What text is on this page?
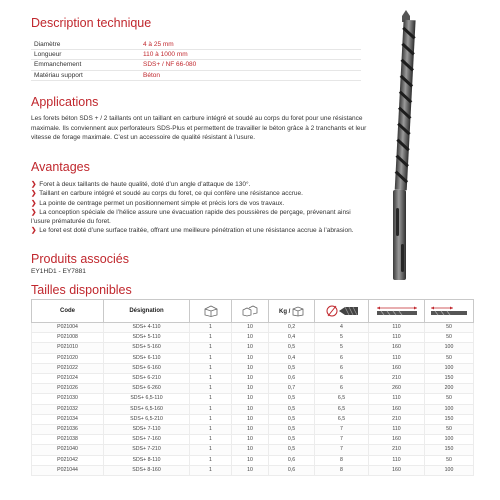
Description technique
Diamètre	4 à 25 mm
Longueur	110 à 1000 mm
Emmanchement	SDS+ / NF 66-080
Matériau support	Béton
Applications

Les forets béton SDS + / 2 taillants ont un taillant en carbure intégré et soudé au corps du foret pour une résistance maximale. Ils conviennent aux perforateurs SDS-Plus et permettent de travailler le béton grâce à 2 tranchants et leur vitesse de forage maximale. C’est un accessoire de qualité résistant à l’usure.

Avantages
❯ Foret à deux taillants de haute qualité, doté d’un angle d’attaque de 130°.
❯ Taillant en carbure intégré et soudé au corps du foret, ce qui confère une résistance accrue.
❯ La pointe de centrage permet un positionnement simple et précis lors de vos travaux.
❯ La conception spéciale de l’hélice assure une évacuation rapide des poussières de perçage, prévenant ainsi l’usure prématurée du foret.
❯ Le foret est doté d’une surface traitée, offrant une meilleure pénétration et une résistance accrue à l’abrasion.
Produits associés
EY1HD1 - EY7881
Tailles disponibles
Code	Désignation			Kg /			
P021004	SDS+ 4-110	1	10	0,2	4	110	50
P021008	SDS+ 5-110	1	10	0,4	5	110	50
P021010	SDS+ 5-160	1	10	0,5	5	160	100
P021020	SDS+ 6-110	1	10	0,4	6	110	50
P021022	SDS+ 6-160	1	10	0,5	6	160	100
P021024	SDS+ 6-210	1	10	0,6	6	210	150
P021026	SDS+ 6-260	1	10	0,7	6	260	200
P021030	SDS+ 6,5-110	1	10	0,5	6,5	110	50
P021032	SDS+ 6,5-160	1	10	0,5	6,5	160	100
P021034	SDS+ 6,5-210	1	10	0,5	6,5	210	150
P021036	SDS+ 7-110	1	10	0,5	7	110	50
P021038	SDS+ 7-160	1	10	0,5	7	160	100
P021040	SDS+ 7-210	1	10	0,5	7	210	150
P021042	SDS+ 8-110	1	10	0,6	8	110	50
P021044	SDS+ 8-160	1	10	0,6	8	160	100
